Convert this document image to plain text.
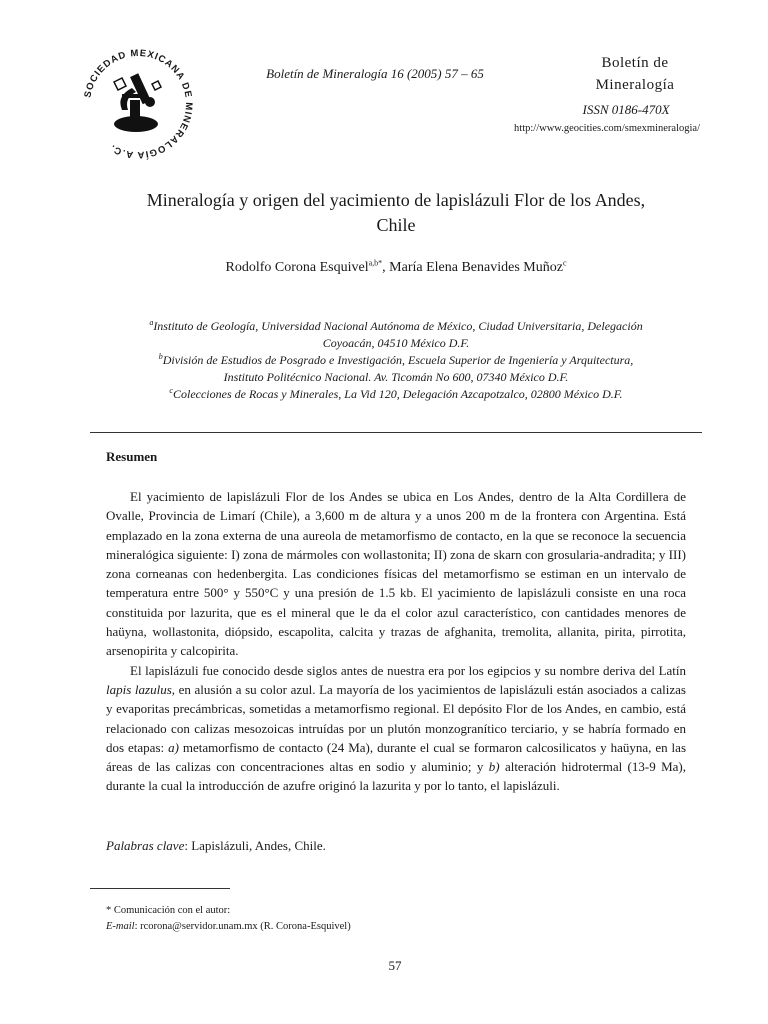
SOCIEDAD MEXICANA DE MINERALOGÍA A.C.
Boletín de Mineralogía 16 (2005) 57 – 65
Boletín de
Mineralogía
ISSN 0186-470X
http://www.geocities.com/smexmineralogia/
Mineralogía y origen del yacimiento de lapislázuli Flor de los Andes,
Chile
Rodolfo Corona Esquivel$^{a,b*}$, María Elena Benavides Muñoz$^c$
$^a$Instituto de Geología, Universidad Nacional Autónoma de México, Ciudad Universitaria, Delegación
Coyoacán, 04510 México D.F.
$^b$División de Estudios de Posgrado e Investigación, Escuela Superior de Ingeniería y Arquitectura,
Instituto Politécnico Nacional. Av. Ticomán No 600, 07340 México D.F.
$^c$Colecciones de Rocas y Minerales, La Vid 120, Delegación Azcapotzalco, 02800 México D.F.
Resumen

El yacimiento de lapislázuli Flor de los Andes se ubica en Los Andes, dentro de la Alta Cordillera de Ovalle, Provincia de Limarí (Chile), a 3,600 m de altura y a unos 200 m de la frontera con Argentina. Está emplazado en la zona externa de una aureola de metamorfismo de contacto, en la que se reconoce la secuencia mineralógica siguiente: I) zona de mármoles con wollastonita; II) zona de skarn con grosularia-andradita; y III) zona corneanas con hedenbergita. Las condiciones físicas del metamorfismo se estiman en un intervalo de temperatura entre 500° y 550°C y una presión de 1.5 kb. El yacimiento de lapislázuli consiste en una roca constituida por lazurita, que es el mineral que le da el color azul característico, con cantidades menores de haüyna, wollastonita, diópsido, escapolita, calcita y trazas de afghanita, tremolita, allanita, pirita, pirrotita, arsenopirita y calcopirita.

El lapislázuli fue conocido desde siglos antes de nuestra era por los egipcios y su nombre deriva del Latín lapis lazulus, en alusión a su color azul. La mayoría de los yacimientos de lapislázuli están asociados a calizas y evaporitas precámbricas, sometidas a metamorfismo regional. El depósito Flor de los Andes, en cambio, está relacionado con calizas mesozoicas intruídas por un plutón monzogranítico terciario, y se habría formado en dos etapas: a) metamorfismo de contacto (24 Ma), durante el cual se formaron calcosilicatos y haüyna, en las áreas de las calizas con concentraciones altas en sodio y aluminio; y b) alteración hidrotermal (13-9 Ma), durante la cual la introducción de azufre originó la lazurita y por lo tanto, el lapislázuli.

Palabras clave: Lapislázuli, Andes, Chile.
* Comunicación con el autor:
E-mail: rcorona@servidor.unam.mx (R. Corona-Esquivel)
57
